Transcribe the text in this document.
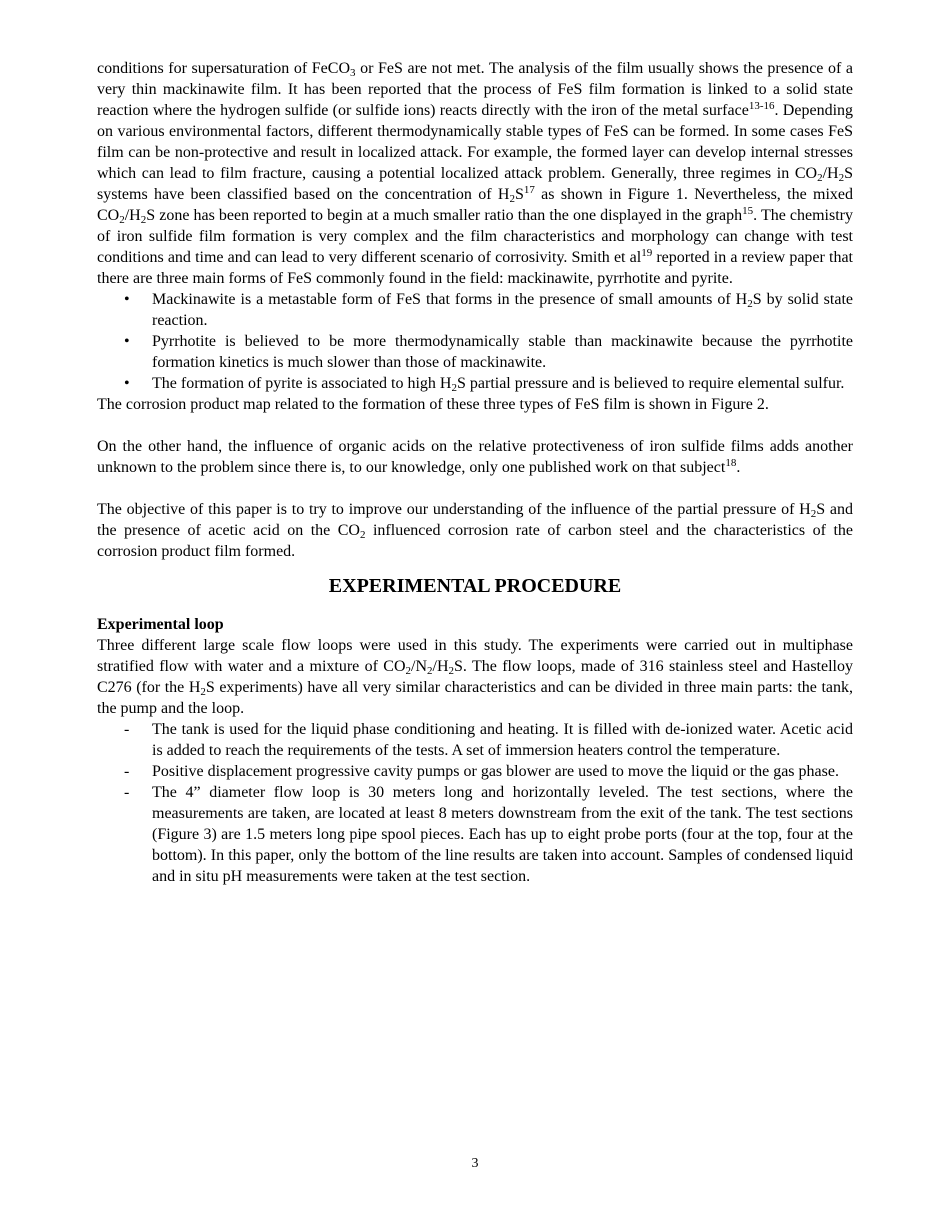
conditions for supersaturation of FeCO$_3$ or FeS are not met. The analysis of the film usually shows the presence of a very thin mackinawite film. It has been reported that the process of FeS film formation is linked to a solid state reaction where the hydrogen sulfide (or sulfide ions) reacts directly with the iron of the metal surface$^{13-16}$. Depending on various environmental factors, different thermodynamically stable types of FeS can be formed. In some cases FeS film can be non-protective and result in localized attack. For example, the formed layer can develop internal stresses which can lead to film fracture, causing a potential localized attack problem. Generally, three regimes in $CO_2/H_2S$ systems have been classified based on the concentration of $H_2S^{17}$ as shown in Figure 1. Nevertheless, the mixed $CO_2/H_2S$ zone has been reported to begin at a much smaller ratio than the one displayed in the graph$^{15}$. The chemistry of iron sulfide film formation is very complex and the film characteristics and morphology can change with test conditions and time and can lead to very different scenario of corrosivity. Smith et $al^{19}$ reported in a review paper that there are three main forms of FeS commonly found in the field: mackinawite, pyrrhotite and pyrite.

• Mackinawite is a metastable form of FeS that forms in the presence of small amounts of $H_2S$ by solid state reaction.
• Pyrrhotite is believed to be more thermodynamically stable than mackinawite because the pyrrhotite formation kinetics is much slower than those of mackinawite.
• The formation of pyrite is associated to high $H_2S$ partial pressure and is believed to require elemental sulfur.

The corrosion product map related to the formation of these three types of FeS film is shown in Figure 2.

On the other hand, the influence of organic acids on the relative protectiveness of iron sulfide films adds another unknown to the problem since there is, to our knowledge, only one published work on that subject$^{18}$.

The objective of this paper is to try to improve our understanding of the influence of the partial pressure of $H_2S$ and the presence of acetic acid on the $CO_2$ influenced corrosion rate of carbon steel and the characteristics of the corrosion product film formed.

EXPERIMENTAL PROCEDURE
Experimental loop

Three different large scale flow loops were used in this study. The experiments were carried out in multiphase stratified flow with water and a mixture of $CO_2/N_2/H_2S$. The flow loops, made of 316 stainless steel and Hastelloy C276 (for the $H_2S$ experiments) have all very similar characteristics and can be divided in three main parts: the tank, the pump and the loop.

- The tank is used for the liquid phase conditioning and heating. It is filled with de-ionized water. Acetic acid is added to reach the requirements of the tests. A set of immersion heaters control the temperature.
- Positive displacement progressive cavity pumps or gas blower are used to move the liquid or the gas phase.
- The 4” diameter flow loop is 30 meters long and horizontally leveled. The test sections, where the measurements are taken, are located at least 8 meters downstream from the exit of the tank. The test sections (Figure 3) are 1.5 meters long pipe spool pieces. Each has up to eight probe ports (four at the top, four at the bottom). In this paper, only the bottom of the line results are taken into account. Samples of condensed liquid and in situ pH measurements were taken at the test section.
3
